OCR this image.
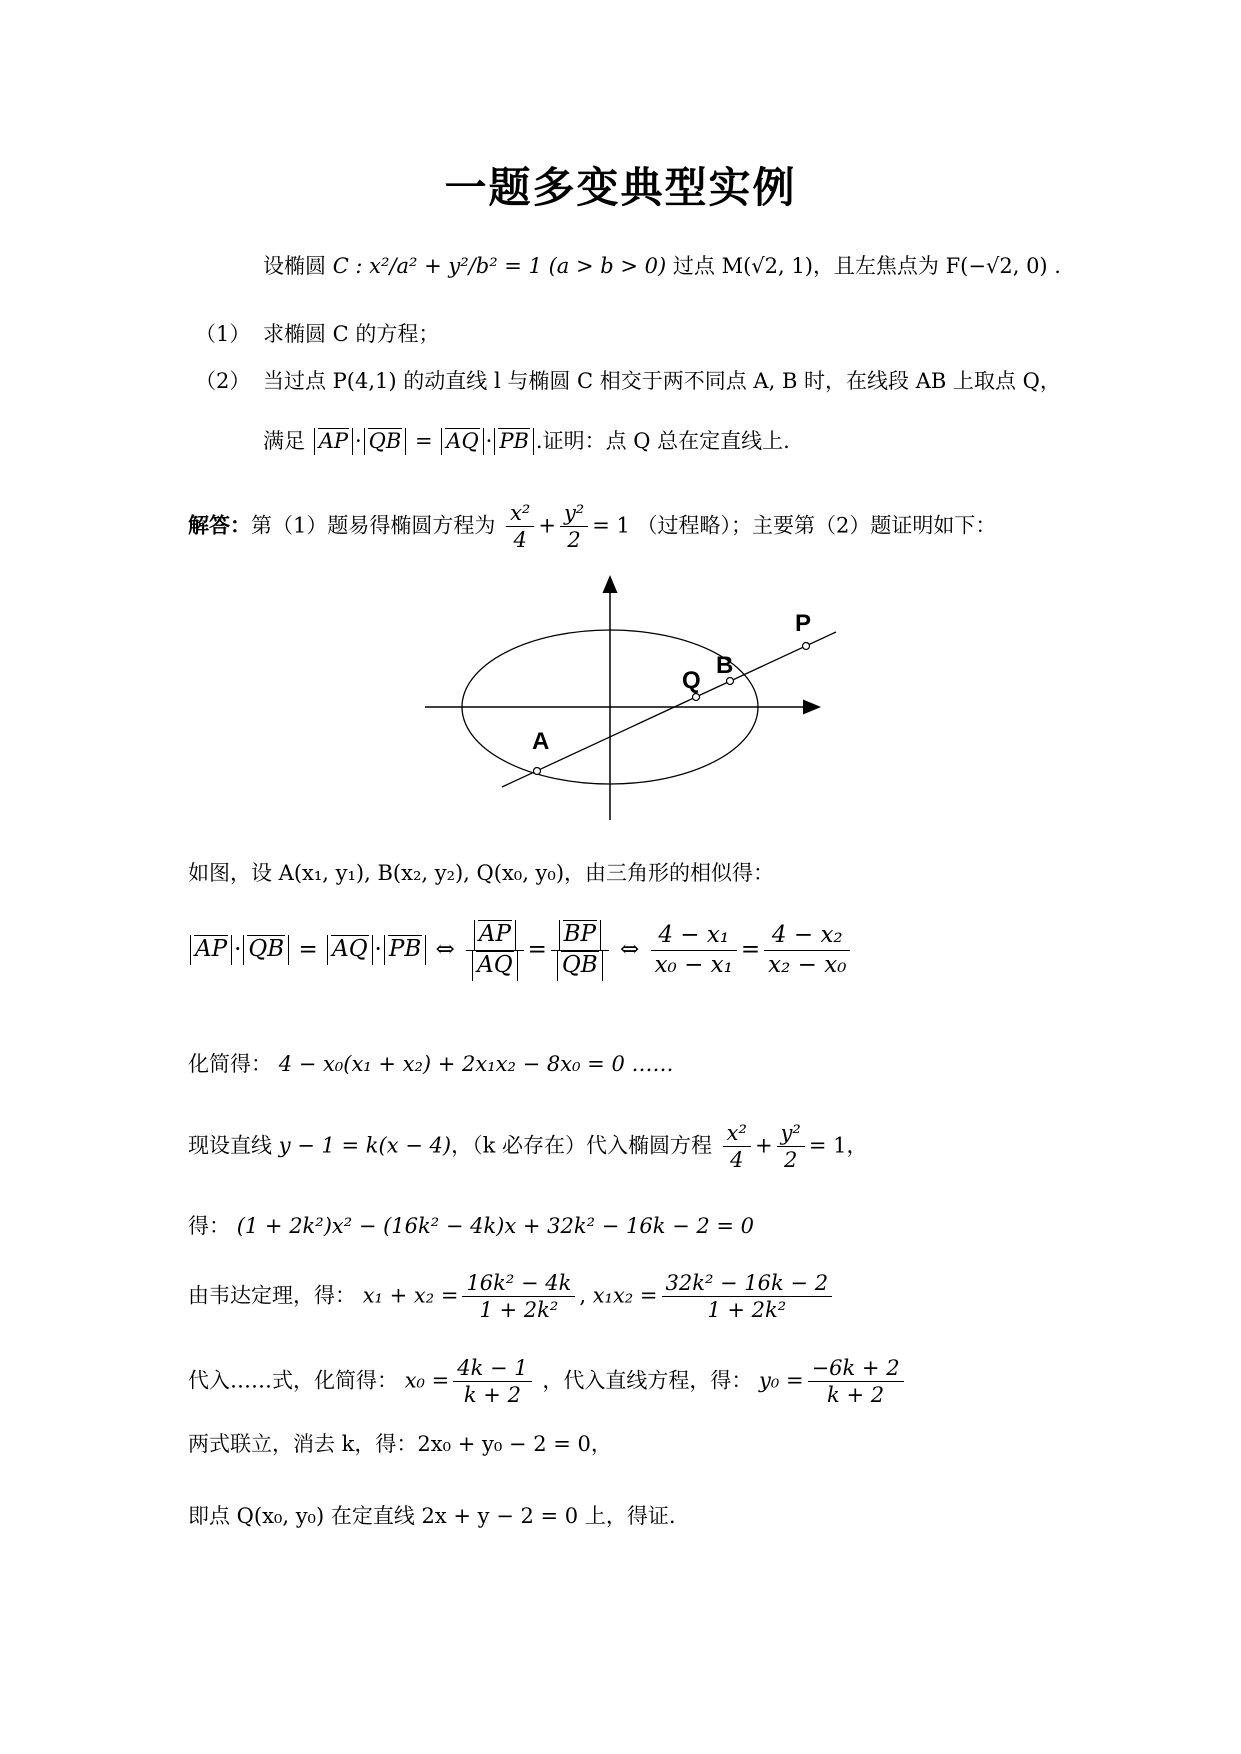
一题多变典型实例
设椭圆 C : x²/a² + y²/b² = 1 (a > b > 0) 过点 M(√2, 1)，且左焦点为 F(−√2, 0) .
（1） 求椭圆 C 的方程；
（2） 当过点 P(4,1) 的动直线 l 与椭圆 C 相交于两不同点 A, B 时，在线段 AB 上取点 Q，
满足 AP · QB = AQ · PB .证明：点 Q 总在定直线上.
解答：第（1）题易得椭圆方程为 $\frac{\text{x²}}{4} + \frac{\text{y²}}{2} = 1$ （过程略）；主要第（2）题证明如下：
P
B
Q
A
如图，设 A(x₁, y₁), B(x₂, y₂), Q(x₀, y₀)，由三角形的相似得：
AP · QB = AQ · PB ⇔ $\frac{AP}{AQ} = \frac{BP}{QB}$ ⇔ $\frac{\text{4 − x₁}}{\text{x₀ − x₁}} = \frac{\text{4 − x₂}}{\text{x₂ − x₀}}$
化简得： 4 − x₀(x₁ + x₂) + 2x₁x₂ − 8x₀ = 0 ……
现设直线 y − 1 = k(x − 4)，（k 必存在）代入椭圆方程 $\frac{\text{x²}}{4} + \frac{\text{y²}}{2} = 1$，
得： (1 + 2k²)x² − (16k² − 4k)x + 32k² − 16k − 2 = 0
由韦达定理，得： $x_1 + x_2 = \frac{\text{16k² − 4k}}{\text{1 + 2k²}}$ , $x_1x_2 = \frac{\text{32k² − 16k − 2}}{\text{1 + 2k²}}$
代入……式，化简得： $x_0 = \frac{4k - 1}{k + 2}$ ，代入直线方程，得： $y_0 = \frac{-6k + 2}{k + 2}$
两式联立，消去 k，得：2x₀ + y₀ − 2 = 0，
即点 Q(x₀, y₀) 在定直线 2x + y − 2 = 0 上，得证.
